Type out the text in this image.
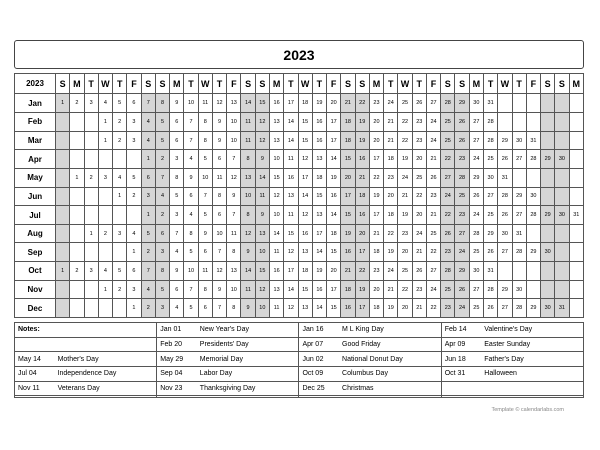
2023
2023	S	M	T	W	T	F	S	S	M	T	W	T	F	S	S	M	T	W	T	F	S	S	M	T	W	T	F	S	S	M	T	W	T	F	S	S	M
Jan	1	2	3	4	5	6	7	8	9	10	11	12	13	14	15	16	17	18	19	20	21	22	23	24	25	26	27	28	29	30	31						
Feb				1	2	3	4	5	6	7	8	9	10	11	12	13	14	15	16	17	18	19	20	21	22	23	24	25	26	27	28						
Mar				1	2	3	4	5	6	7	8	9	10	11	12	13	14	15	16	17	18	19	20	21	22	23	24	25	26	27	28	29	30	31			
Apr							1	2	3	4	5	6	7	8	9	10	11	12	13	14	15	16	17	18	19	20	21	22	23	24	25	26	27	28	29	30	
May		1	2	3	4	5	6	7	8	9	10	11	12	13	14	15	16	17	18	19	20	21	22	23	24	25	26	27	28	29	30	31					
Jun					1	2	3	4	5	6	7	8	9	10	11	12	13	14	15	16	17	18	19	20	21	22	23	24	25	26	27	28	29	30			
Jul							1	2	3	4	5	6	7	8	9	10	11	12	13	14	15	16	17	18	19	20	21	22	23	24	25	26	27	28	29	30	31
Aug			1	2	3	4	5	6	7	8	9	10	11	12	13	14	15	16	17	18	19	20	21	22	23	24	25	26	27	28	29	30	31				
Sep						1	2	3	4	5	6	7	8	9	10	11	12	13	14	15	16	17	18	19	20	21	22	23	24	25	26	27	28	29	30		
Oct	1	2	3	4	5	6	7	8	9	10	11	12	13	14	15	16	17	18	19	20	21	22	23	24	25	26	27	28	29	30	31						
Nov				1	2	3	4	5	6	7	8	9	10	11	12	13	14	15	16	17	18	19	20	21	22	23	24	25	26	27	28	29	30				
Dec						1	2	3	4	5	6	7	8	9	10	11	12	13	14	15	16	17	18	19	20	21	22	23	24	25	26	27	28	29	30	31	
Notes:		Jan 01	New Year's Day	Jan 16	M L King Day	Feb 14	Valentine's Day
		Feb 20	Presidents' Day	Apr 07	Good Friday	Apr 09	Easter Sunday
May 14	Mother's Day	May 29	Memorial Day	Jun 02	National Donut Day	Jun 18	Father's Day
Jul 04	Independence Day	Sep 04	Labor Day	Oct 09	Columbus Day	Oct 31	Halloween
Nov 11	Veterans Day	Nov 23	Thanksgiving Day	Dec 25	Christmas		

Template © calendarlabs.com
